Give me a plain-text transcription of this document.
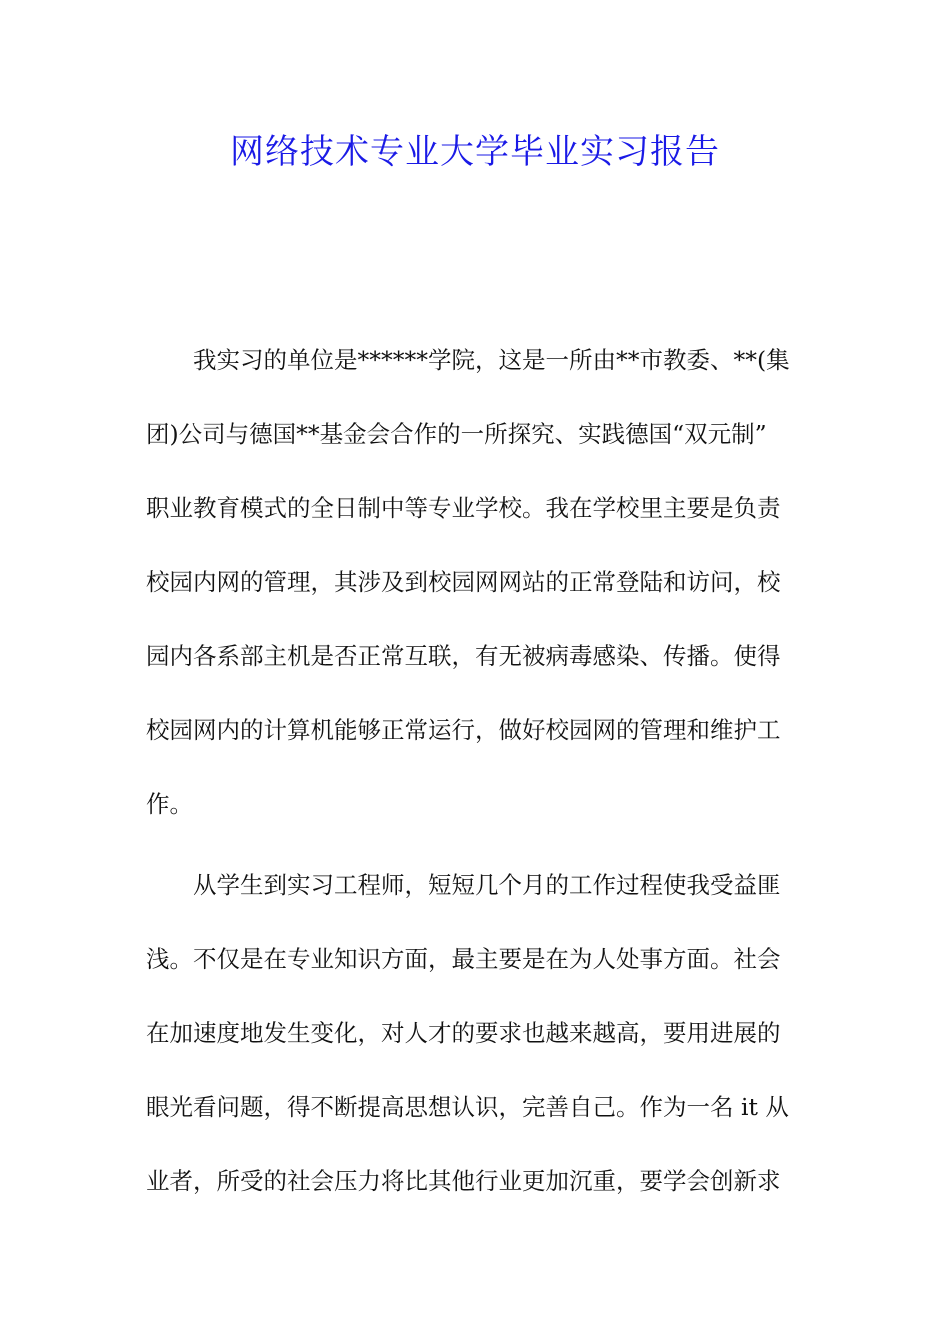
网络技术专业大学毕业实习报告
我实习的单位是******学院，这是一所由**市教委、**(集
团)公司与德国**基金会合作的一所探究、实践德国“双元制”
职业教育模式的全日制中等专业学校。我在学校里主要是负责
校园内网的管理，其涉及到校园网网站的正常登陆和访问，校
园内各系部主机是否正常互联，有无被病毒感染、传播。使得
校园网内的计算机能够正常运行，做好校园网的管理和维护工
作。
从学生到实习工程师，短短几个月的工作过程使我受益匪
浅。不仅是在专业知识方面，最主要是在为人处事方面。社会
在加速度地发生变化，对人才的要求也越来越高，要用进展的
眼光看问题，得不断提高思想认识，完善自己。作为一名 it 从
业者，所受的社会压力将比其他行业更加沉重，要学会创新求
